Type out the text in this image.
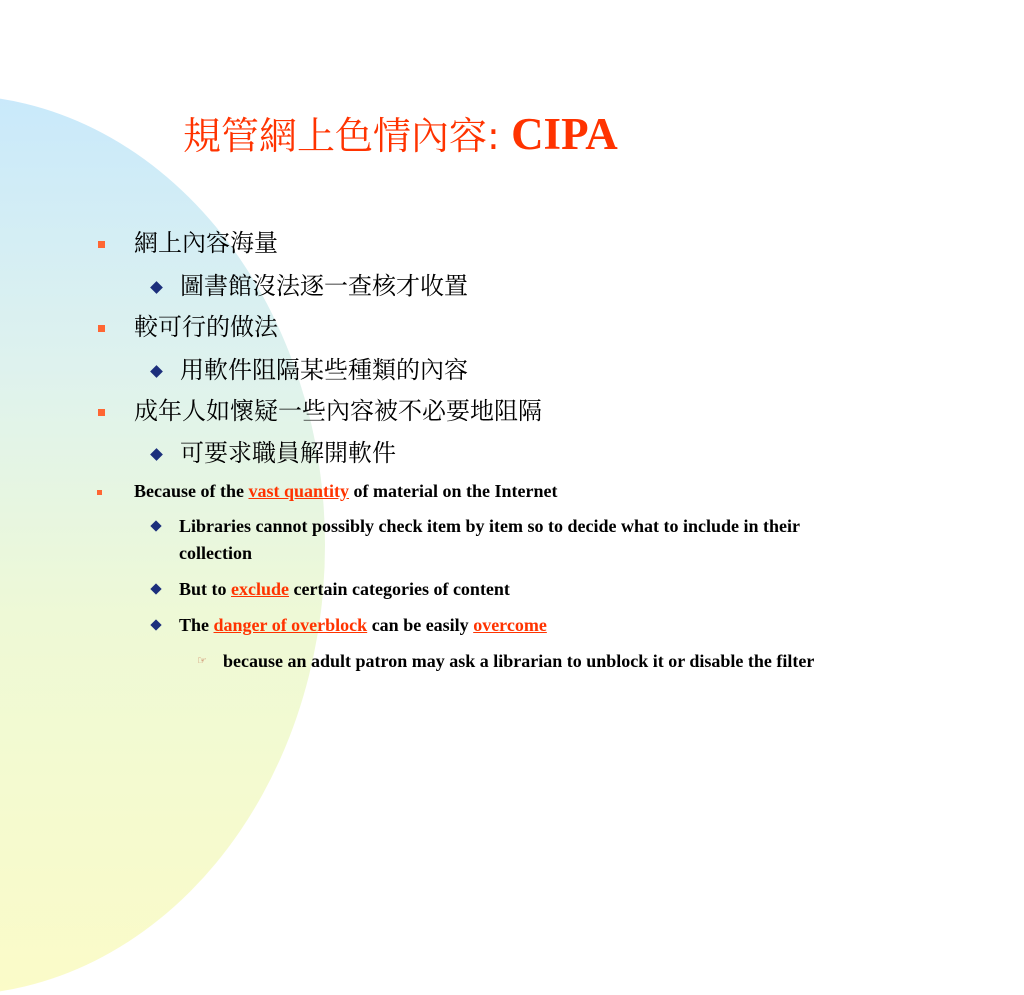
規管網上色情內容: CIPA
網上內容海量
圖書館沒法逐一查核才收置
較可行的做法
用軟件阻隔某些種類的內容
成年人如懷疑一些內容被不必要地阻隔
可要求職員解開軟件
Because of the vast quantity of material on the Internet
Libraries cannot possibly check item by item so to decide what to include in their
collection
But to exclude certain categories of content
The danger of overblock can be easily overcome
☞ because an adult patron may ask a librarian to unblock it or disable the filter
